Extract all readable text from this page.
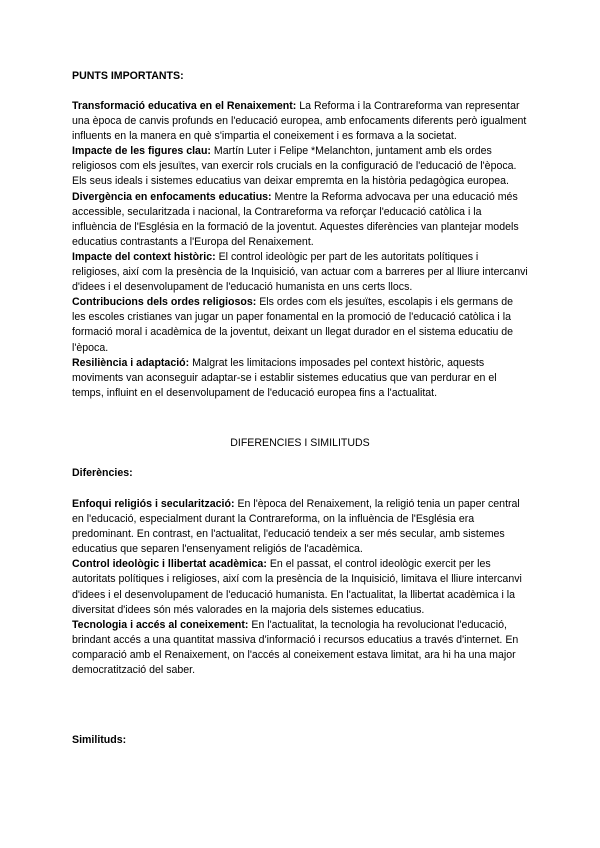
PUNTS IMPORTANTS:

Transformació educativa en el Renaixement: La Reforma i la Contrareforma van representar una època de canvis profunds en l'educació europea, amb enfocaments diferents però igualment influents en la manera en què s'impartia el coneixement i es formava a la societat.

Impacte de les figures clau: Martín Luter i Felipe *Melanchton, juntament amb els ordes religiosos com els jesuïtes, van exercir rols crucials en la configuració de l'educació de l'època. Els seus ideals i sistemes educatius van deixar empremta en la història pedagògica europea.

Divergència en enfocaments educatius: Mentre la Reforma advocava per una educació més accessible, secularitzada i nacional, la Contrareforma va reforçar l'educació catòlica i la influència de l'Església en la formació de la joventut. Aquestes diferències van plantejar models educatius contrastants a l'Europa del Renaixement.

Impacte del context històric: El control ideològic per part de les autoritats polítiques i religioses, així com la presència de la Inquisició, van actuar com a barreres per al lliure intercanvi d'idees i el desenvolupament de l'educació humanista en uns certs llocs.

Contribucions dels ordes religiosos: Els ordes com els jesuïtes, escolapis i els germans de les escoles cristianes van jugar un paper fonamental en la promoció de l'educació catòlica i la formació moral i acadèmica de la joventut, deixant un llegat durador en el sistema educatiu de l'època.

Resiliència i adaptació: Malgrat les limitacions imposades pel context històric, aquests moviments van aconseguir adaptar-se i establir sistemes educatius que van perdurar en el temps, influint en el desenvolupament de l'educació europea fins a l'actualitat.

DIFERENCIES I SIMILITUDS
Diferències:

Enfoqui religiós i secularització: En l'època del Renaixement, la religió tenia un paper central en l'educació, especialment durant la Contrareforma, on la influència de l'Església era predominant. En contrast, en l'actualitat, l'educació tendeix a ser més secular, amb sistemes educatius que separen l'ensenyament religiós de l'acadèmica.

Control ideològic i llibertat acadèmica: En el passat, el control ideològic exercit per les autoritats polítiques i religioses, així com la presència de la Inquisició, limitava el lliure intercanvi d'idees i el desenvolupament de l'educació humanista. En l'actualitat, la llibertat acadèmica i la diversitat d'idees són més valorades en la majoria dels sistemes educatius.

Tecnologia i accés al coneixement: En l'actualitat, la tecnologia ha revolucionat l'educació, brindant accés a una quantitat massiva d'informació i recursos educatius a través d'internet. En comparació amb el Renaixement, on l'accés al coneixement estava limitat, ara hi ha una major democratització del saber.

Similituds:
